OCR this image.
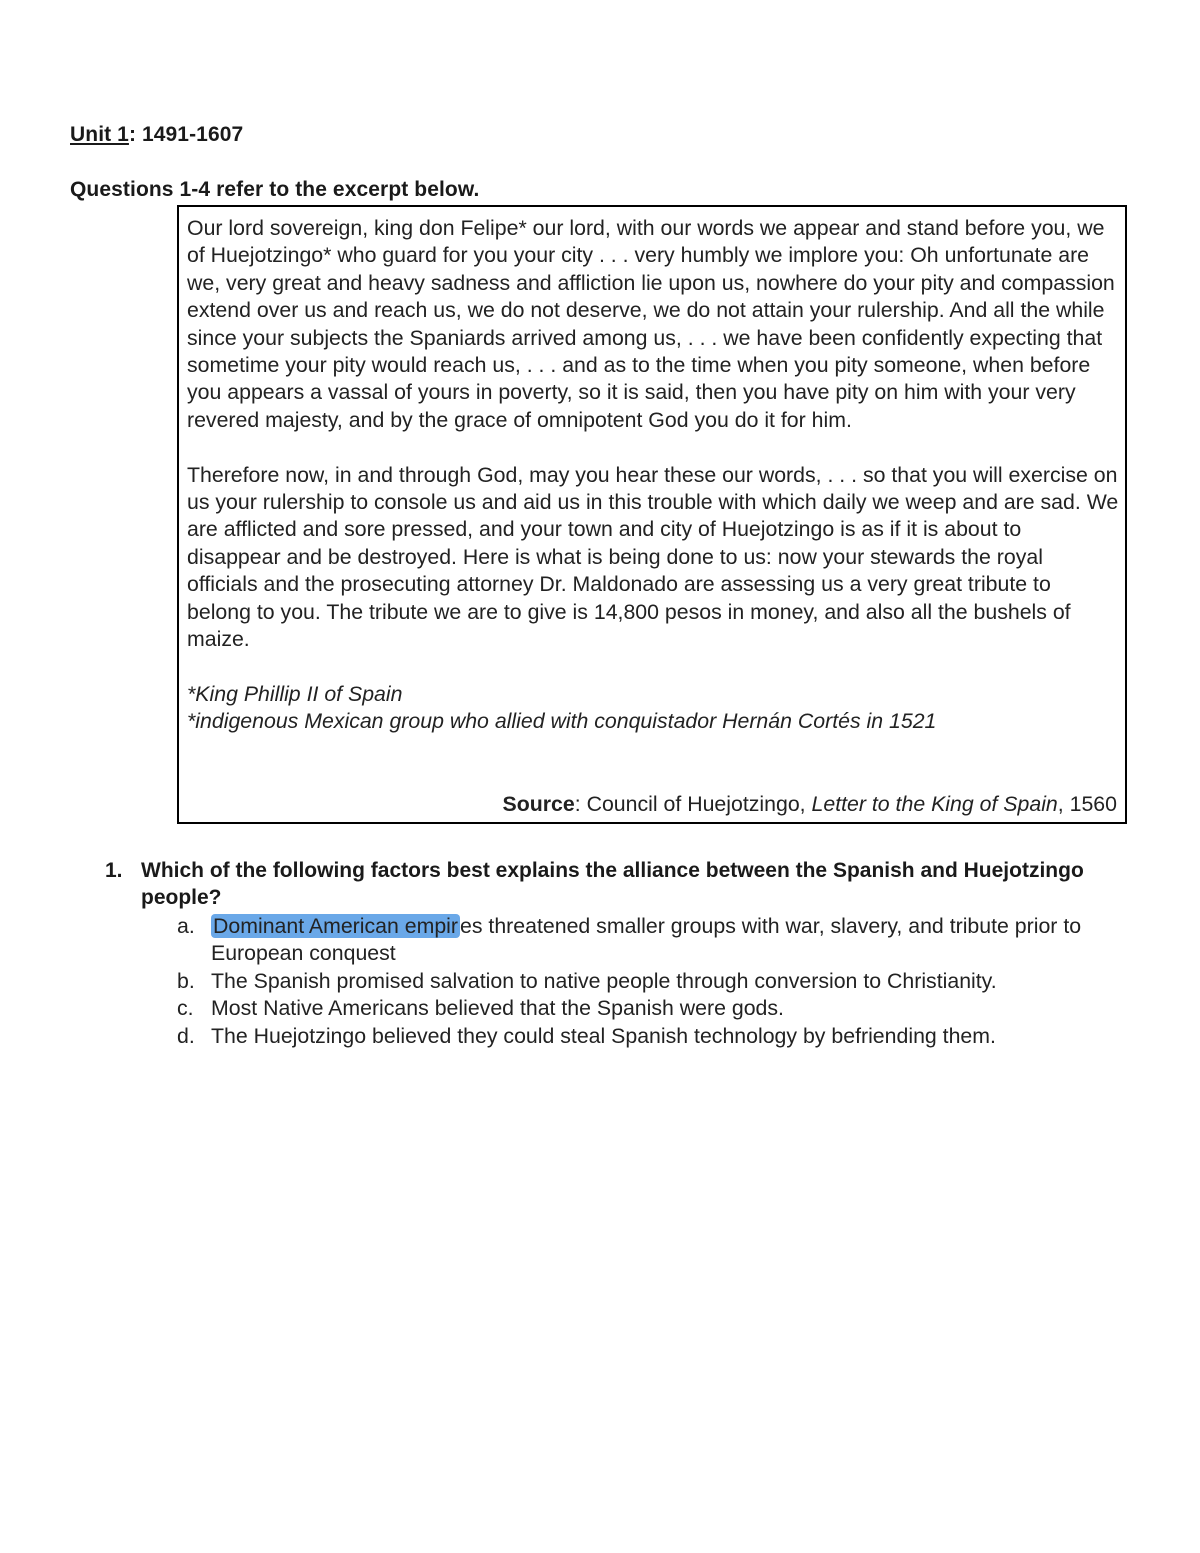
Unit 1: 1491-1607
Questions 1-4 refer to the excerpt below.

Our lord sovereign, king don Felipe* our lord, with our words we appear and stand before you, we of Huejotzingo* who guard for you your city . . . very humbly we implore you: Oh unfortunate are we, very great and heavy sadness and affliction lie upon us, nowhere do your pity and compassion extend over us and reach us, we do not deserve, we do not attain your rulership. And all the while since your subjects the Spaniards arrived among us, . . . we have been confidently expecting that sometime your pity would reach us, . . . and as to the time when you pity someone, when before you appears a vassal of yours in poverty, so it is said, then you have pity on him with your very revered majesty, and by the grace of omnipotent God you do it for him.

Therefore now, in and through God, may you hear these our words, . . . so that you will exercise on us your rulership to console us and aid us in this trouble with which daily we weep and are sad. We are afflicted and sore pressed, and your town and city of Huejotzingo is as if it is about to disappear and be destroyed. Here is what is being done to us: now your stewards the royal officials and the prosecuting attorney Dr. Maldonado are assessing us a very great tribute to belong to you. The tribute we are to give is 14,800 pesos in money, and also all the bushels of maize.

*King Phillip II of Spain
*indigenous Mexican group who allied with conquistador Hernán Cortés in 1521
Source: Council of Huejotzingo, Letter to the King of Spain, 1560
1. Which of the following factors best explains the alliance between the Spanish and Huejotzingo people?
a. Dominant American empires threatened smaller groups with war, slavery, and tribute prior to European conquest
b. The Spanish promised salvation to native people through conversion to Christianity.
c. Most Native Americans believed that the Spanish were gods.
d. The Huejotzingo believed they could steal Spanish technology by befriending them.
